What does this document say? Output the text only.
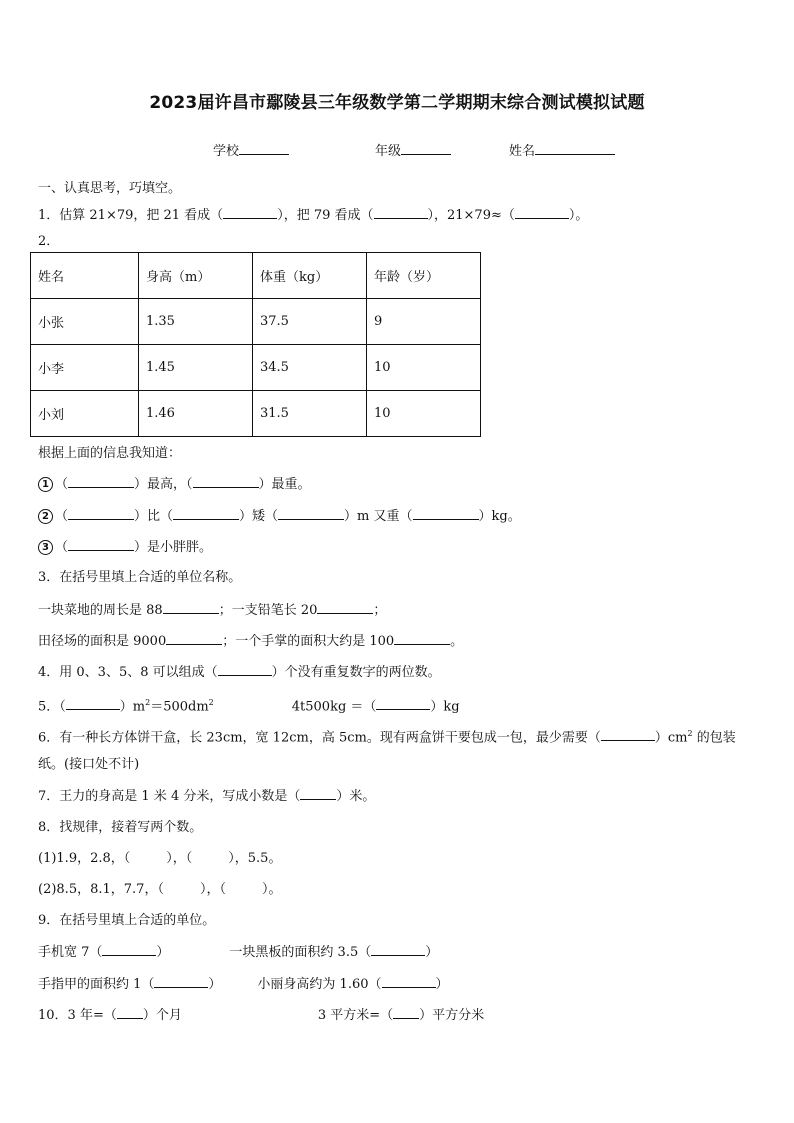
2023届许昌市鄢陵县三年级数学第二学期期末综合测试模拟试题
学校	年级	姓名
一、认真思考，巧填空。
1．估算 21×79，把 21 看成（	），把 79 看成（	），21×79≈（	）。
2．
姓名	身高（m）	体重（kg）	年龄（岁）
小张	1.35	37.5	9
小李	1.45	34.5	10
小刘	1.46	31.5	10
根据上面的信息我知道：
1 （	）最高，（	）最重。
2 （	）比（	）矮（	）m 又重（	）kg。
3 （	）是小胖胖。
3．在括号里填上合适的单位名称。
一块菜地的周长是 88	；一支铅笔长 20	；
田径场的面积是 9000	；一个手掌的面积大约是 100	。
4．用 0、3、5、8 可以组成（	）个没有重复数字的两位数。
5．（	）$m^2=500dm^2$	4t500kg ＝（	）kg
6．有一种长方体饼干盒，长 23cm，宽 12cm，高 5cm。现有两盒饼干要包成一包，最少需要（	）$cm^2$ 的包装
纸。(接口处不计)
7．王力的身高是 1 米 4 分米，写成小数是（	）米。
8．找规律，接着写两个数。
(1)1.9，2.8，（	），（	），5.5。
(2)8.5，8.1，7.7，（	），（	）。
9．在括号里填上合适的单位。
手机宽 7（	）	一块黑板的面积约 3.5（	）
手指甲的面积约 1（	）	小丽身高约为 1.60（	）
10．3 年=（ ）个月	3 平方米=（ ）平方分米
